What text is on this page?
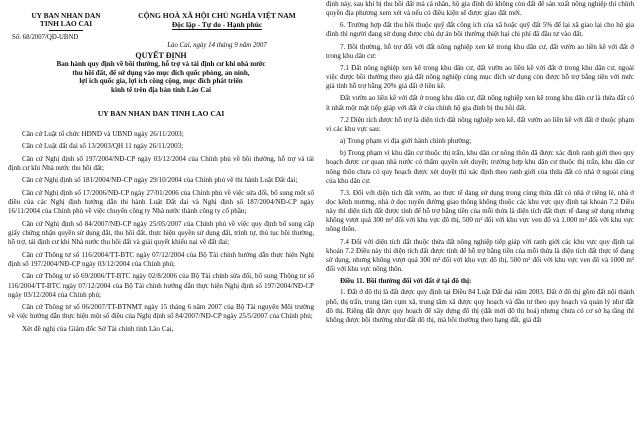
UY BAN NHAN DAN
TINH LAO CAI
Số: 68/2007/QĐ-UBND
CỘNG HOÀ XÃ HỘI CHỦ NGHĨA VIỆT NAM
Độc lập - Tự do - Hạnh phúc
Lào Cai, ngày 14 tháng 9 năm 2007
QUYẾT ĐỊNH
Ban hành quy định về bồi thường, hỗ trợ và tái định cư khi nhà nước
thu hồi đất, để sử dụng vào mục đích quốc phòng, an ninh,
lợi ích quốc gia, lợi ích công cộng, mục đích phát triển
kinh tế trên địa bàn tỉnh Lào Cai
UY BAN NHAN DAN TINH LAO CAI

Căn cứ Luật tổ chức HĐND và UBND ngày 26/11/2003;

Căn cứ Luật đất đai số 13/2003/QH 11 ngày 26/11/2003;

Căn cứ Nghị định số 197/2004/NĐ-CP ngày 03/12/2004 của Chính phủ về bồi thường, hỗ trợ và tái định cư khi Nhà nước thu hồi đất;

Căn cứ Nghị định số 181/2004/NĐ-CP ngày 29/10/2004 của Chính phủ về thi hành Luật Đất đai;

Căn cứ Nghị định số 17/2006/NĐ-CP ngày 27/01/2006 của Chính phủ về việc sửa đổi, bổ sung một số điều của các Nghị định hướng dẫn thi hành Luật Đất đai và Nghị định số 187/2004/NĐ-CP ngày 16/11/2004 của Chính phủ về việc chuyển công ty Nhà nước thành công ty cổ phần;

Căn cứ Nghị định số 84/2007/NĐ-CP ngày 25/05/2007 của Chính phủ về việc quy định bổ sung cấp giấy chứng nhận quyền sử dụng đất, thu hồi đất, thực hiện quyền sử dụng đất, trình tự, thủ tục bồi thường, hỗ trợ, tái định cư khi Nhà nước thu hồi đất và giải quyết khiếu nại về đất đai;

Căn cứ Thông tư số 116/2004/TT-BTC ngày 07/12/2004 của Bộ Tài chính hướng dẫn thực hiện Nghị định số 197/2004/NĐ-CP ngày 03/12/2004 của Chính phủ;

Căn cứ Thông tư số 69/2006/TT-BTC ngày 02/8/2006 của Bộ Tài chính sửa đổi, bổ sung Thông tư số 116/2004/TT-BTC ngày 07/12/2004 của Bộ Tài chính hướng dẫn thực hiện Nghị định số 197/2004/NĐ-CP ngày 03/12/2004 của Chính phủ;

Căn cứ Thông tư số 06/2007/TT-BTNMT ngày 15 tháng 6 năm 2007 của Bộ Tài nguyên Môi trường về việc hướng dẫn thực hiện một số điều của Nghị định số 84/2007/NĐ-CP ngày 25/5/2007 của Chính phủ;

Xét đề nghị của Giám đốc Sở Tài chính tỉnh Lào Cai,

định này, sau khi bị thu hồi đất mà cá nhân, hộ gia đình đó không còn đất để sản xuất nông nghiệp thì chính quyền địa phương xem xét và nếu có điều kiện sẽ được giao đất mới.

6. Trường hợp đất thu hồi thuộc quỹ đất công ích của xã hoặc quỹ đất 5% để lại xã giao lại cho hộ gia đình thì người đang sử dụng được chủ dự án bồi thường thiệt hại chi phí đã đầu tư vào đất.

7. Bồi thường, hỗ trợ đối với đất nông nghiệp xen kẽ trong khu dân cư, đất vườn ao liền kề với đất ở trong khu dân cư:

7.1 Đất nông nghiệp xen kẽ trong khu dân cư, đất vườn ao liền kề với đất ở trong khu dân cư, ngoài việc được bồi thường theo giá đất nông nghiệp cùng mục đích sử dụng còn được hỗ trợ bằng tiền với mức giá tính hỗ trợ bằng 20% giá đất ở liền kề.

Đất vườn ao liền kề với đất ở trong khu dân cư, đất nông nghiệp xen kẽ trong khu dân cư là thửa đất có ít nhất một mặt tiếp giáp với đất ở của chính hộ gia đình bị thu hồi đất.

7.2 Diện tích được hỗ trợ là diện tích đất nông nghiệp xen kẽ, đất vườn ao liền kề với đất ở thuộc phạm vi các khu vực sau:

a) Trong phạm vi địa giới hành chính phường;

b) Trong phạm vi khu dân cư thuộc thị trấn, khu dân cư nông thôn đã được xác định ranh giới theo quy hoạch được cơ quan nhà nước có thẩm quyền xét duyệt; trường hợp khu dân cư thuộc thị trấn, khu dân cư nông thôn chưa có quy hoạch được xét duyệt thì xác định theo ranh giới của thửa đất có nhà ở ngoài cùng của khu dân cư.

7.3. Đối với diện tích đất vườn, ao thực tế đang sử dụng trong cùng thửa đất có nhà ở riêng lẻ, nhà ở dọc kênh mương, nhà ở dọc tuyến đường giao thông không thuộc các khu vực quy định tại khoản 7.2 Điều này thì diện tích đất được tính để hỗ trợ bằng tiền của mỗi thửa là diện tích đất thực tế đang sử dụng nhưng không vượt quá 300 m² đối với khu vực đô thị, 500 m² đối với khu vực ven đô và 1.000 m² đối với khu vực nông thôn.

7.4 Đối với diện tích đất thuộc thửa đất nông nghiệp tiếp giáp với ranh giới các khu vực quy định tại khoản 7.2 Điều này thì diện tích đất được tính để hỗ trợ bằng tiền của mỗi thửa là diện tích đất thực tế đang sử dụng, nhưng không vượt quá 300 m² đối với khu vực đô thị, 500 m² đối với khu vực ven đô và 1000 m² đối với khu vực nông thôn.

Điều 11. Bồi thường đối với đất ở tại đô thị:

1. Đất ở đô thị là đất được quy định tại Điều 84 Luật Đất đai năm 2003. Đất ở đô thị gồm đất nội thành phố, thị trấn, trung tâm cụm xã, trung tâm xã được quy hoạch và đầu tư theo quy hoạch và quản lý như đất đô thị. Riêng đất được quy hoạch để xây dựng đô thị (đất mới đô thị hoá) nhưng chưa có cơ sở hạ tầng thì không được bồi thường như đất đô thị, mà bồi thường theo hạng đất, giá đất
